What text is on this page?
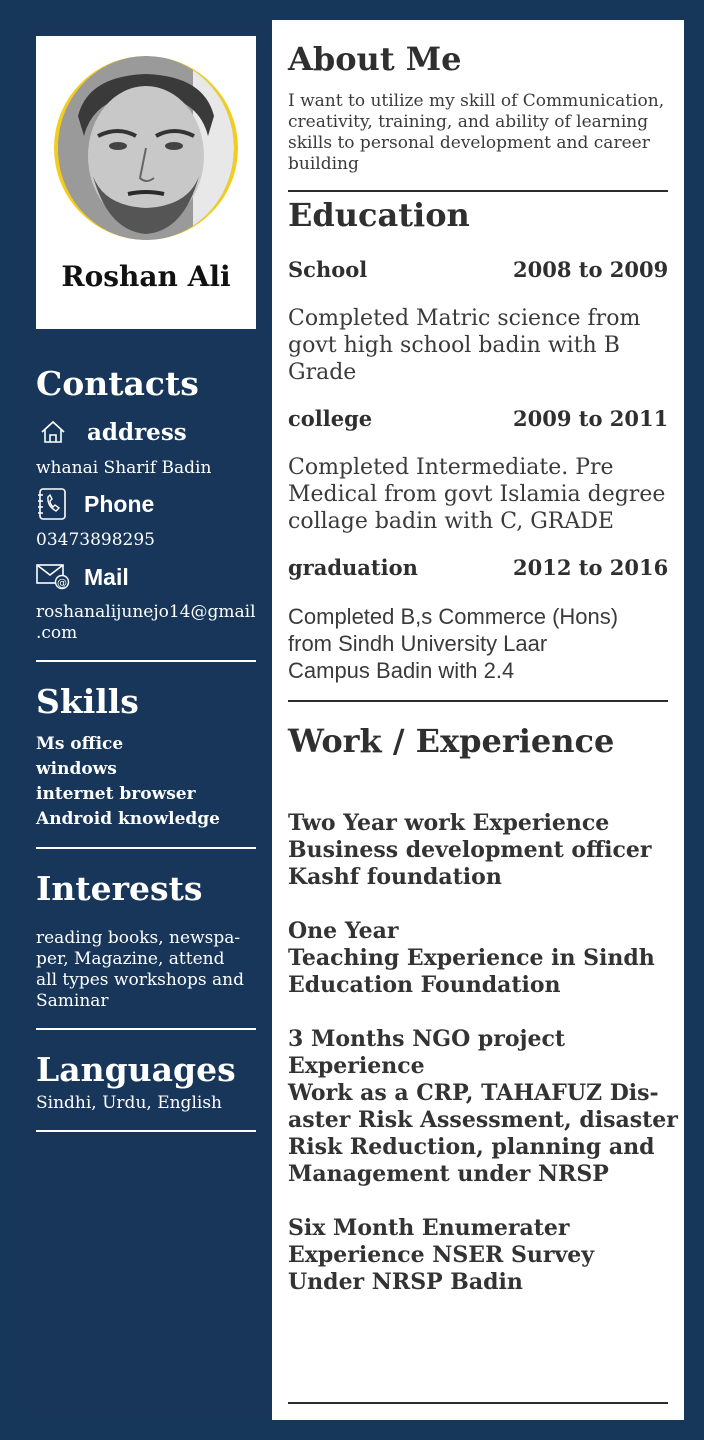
Roshan Ali
Contacts
address
whanai Sharif Badin
Phone
03473898295
@ Mail
roshanalijunejo14@gmail
.com
Skills
Ms office
windows
internet browser
Android knowledge
Interests
reading books, newspa-
per, Magazine, attend
all types workshops and
Saminar
Languages
Sindhi, Urdu, English
About Me
I want to utilize my skill of Communication,
creativity, training, and ability of learning
skills to personal development and career
building
Education
School	2008 to 2009
Completed Matric science from
govt high school badin with B
Grade
college	2009 to 2011
Completed Intermediate. Pre
Medical from govt Islamia degree
collage badin with C, GRADE
graduation	2012 to 2016
Completed B,s Commerce (Hons)
from Sindh University Laar
Campus Badin with 2.4
Work / Experience
Two Year work Experience
Business development officer
Kashf foundation
One Year
Teaching Experience in Sindh
Education Foundation
3 Months NGO project
Experience
Work as a CRP, TAHAFUZ Dis-
aster Risk Assessment, disaster
Risk Reduction, planning and
Management under NRSP
Six Month Enumerater
Experience NSER Survey
Under NRSP Badin
